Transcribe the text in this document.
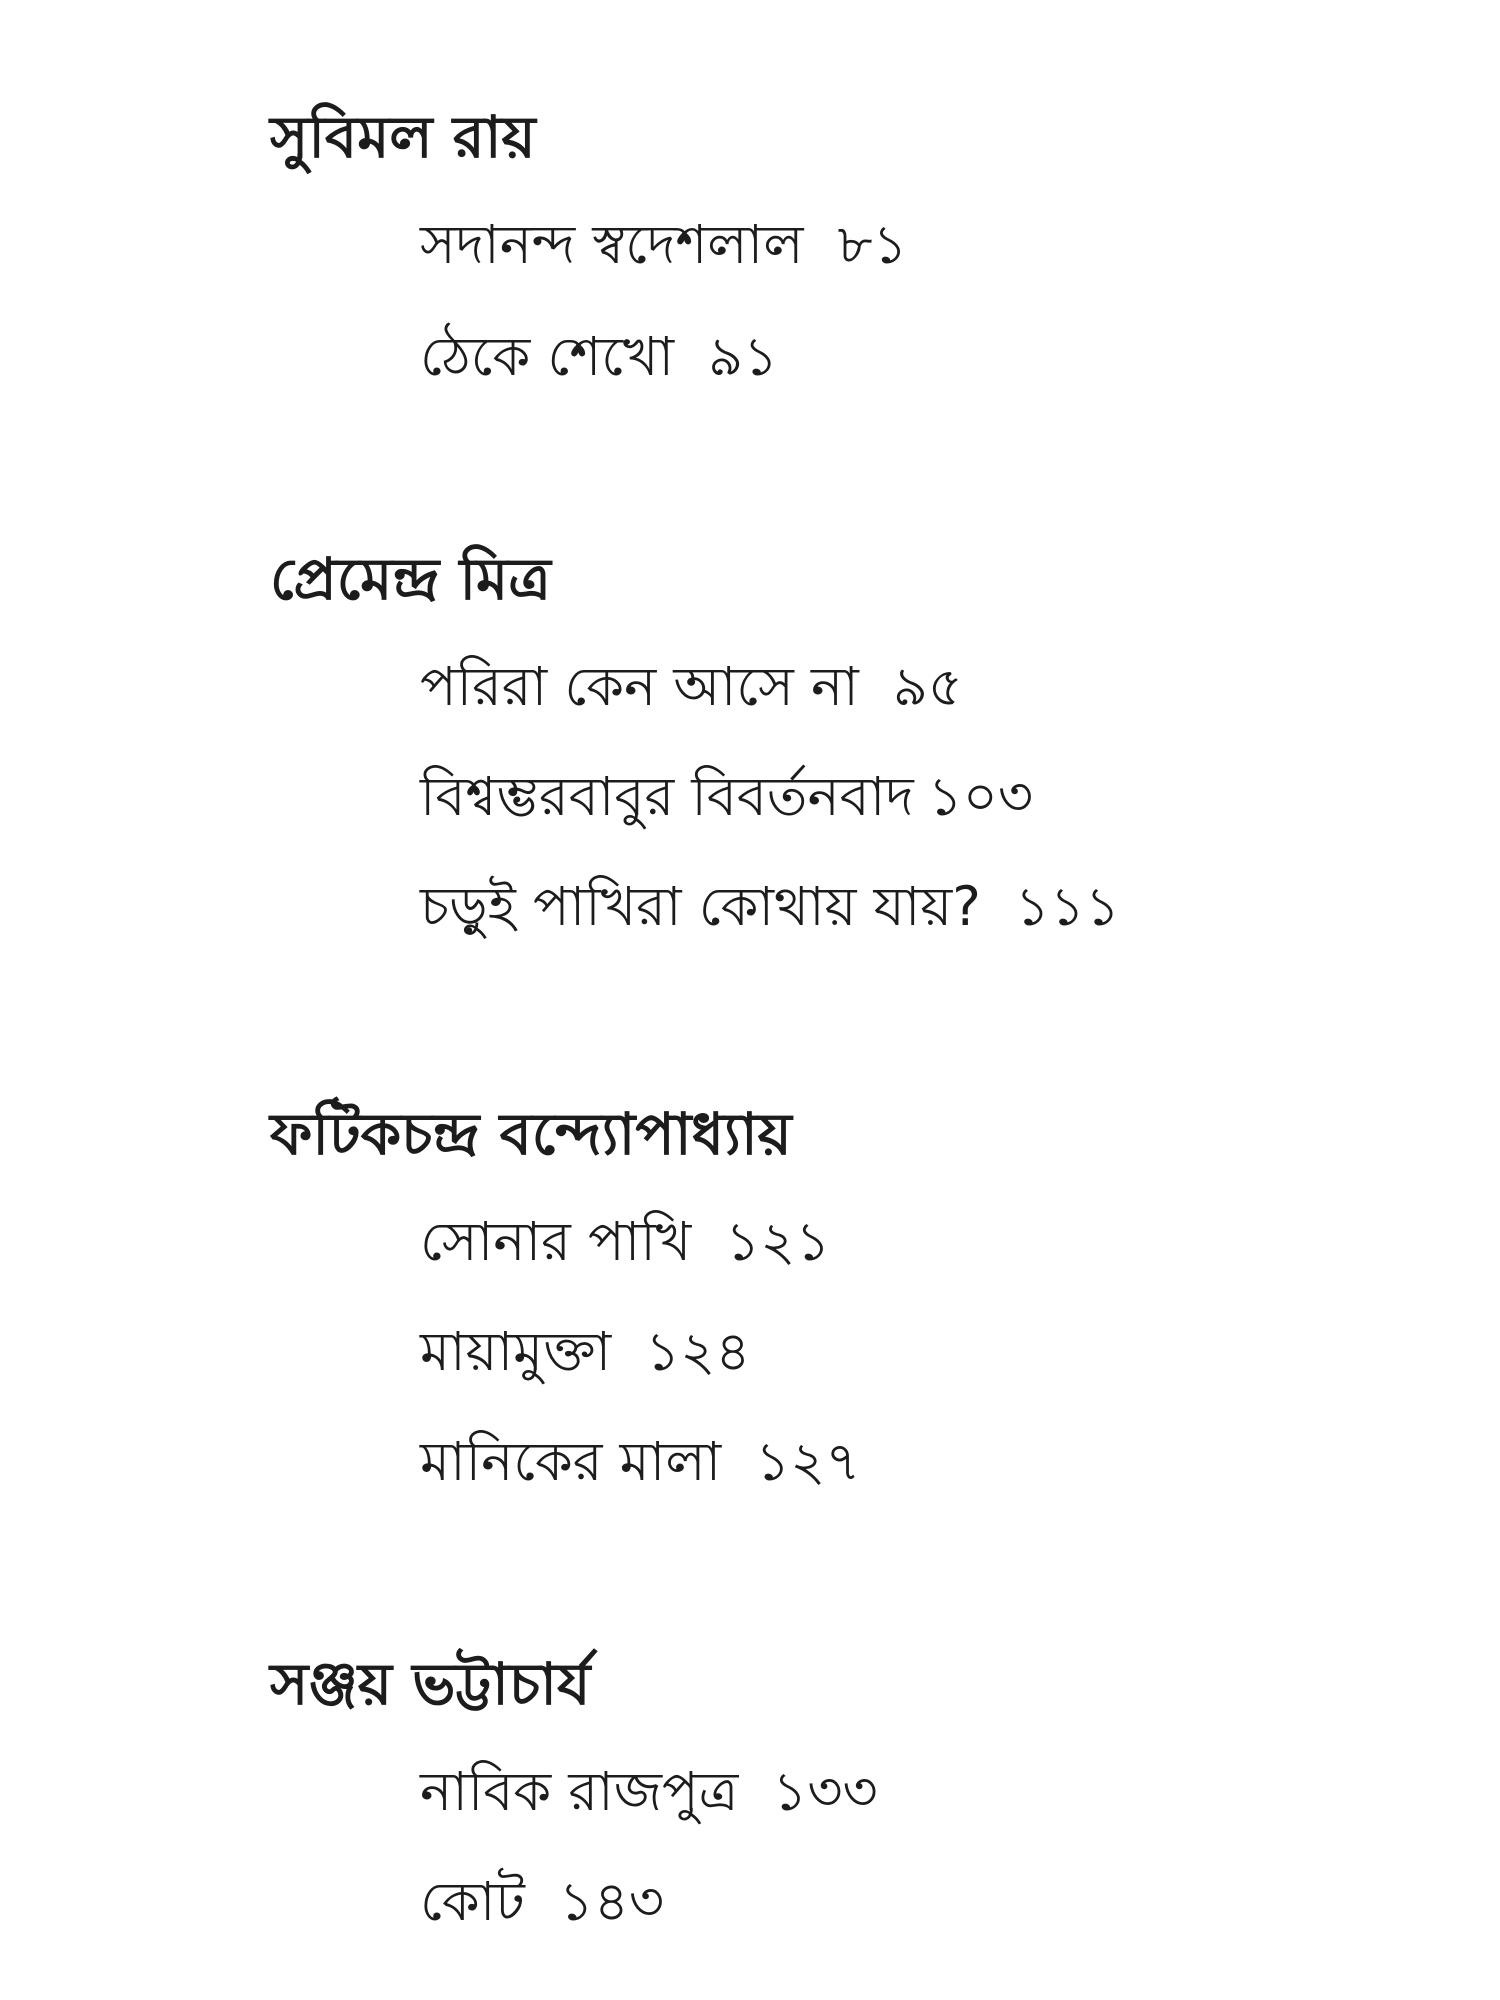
সুবিমল রায়
সদানন্দ স্বদেশলাল ৮১
ঠেকে শেখো ৯১
প্রেমেন্দ্র মিত্র
পরিরা কেন আসে না ৯৫
বিশ্বম্ভরবাবুর বিবর্তনবাদ ১০৩
চড়ুই পাখিরা কোথায় যায়? ১১১
ফটিকচন্দ্র বন্দ্যোপাধ্যায়
সোনার পাখি ১২১
মায়ামুক্তা ১২৪
মানিকের মালা ১২৭
সঞ্জয় ভট্টাচার্য
নাবিক রাজপুত্র ১৩৩
কোট ১৪৩
